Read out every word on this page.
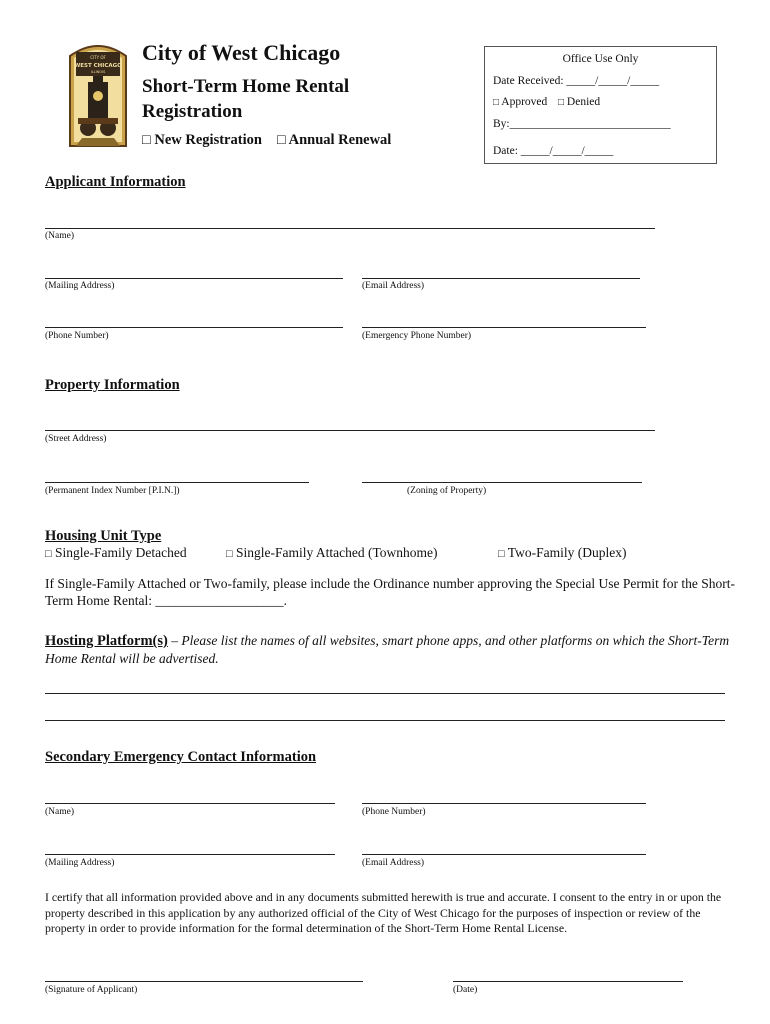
CITY OF
WEST CHICAGO
ILLINOIS
City of West Chicago
Short-Term Home Rental Registration
□ New Registration □ Annual Renewal
Office Use Only
Date Received: _____/_____/_____
□ Approved □ Denied
By:____________________________
Date: _____/_____/_____
Applicant Information
(Name)
(Mailing Address)	(Email Address)
(Phone Number)	(Emergency Phone Number)
Property Information
(Street Address)
(Permanent Index Number [P.I.N.])	(Zoning of Property)
Housing Unit Type
□ Single-Family Detached	□ Single-Family Attached (Townhome)	□ Two-Family (Duplex)
If Single-Family Attached or Two-family, please include the Ordinance number approving the Special Use Permit for the Short-Term Home Rental: ___________________.
Hosting Platform(s) – Please list the names of all websites, smart phone apps, and other platforms on which the Short-Term Home Rental will be advertised.
Secondary Emergency Contact Information
(Name)	(Phone Number)
(Mailing Address)	(Email Address)
I certify that all information provided above and in any documents submitted herewith is true and accurate. I consent to the entry in or upon the property described in this application by any authorized official of the City of West Chicago for the purposes of inspection or review of the property in order to provide information for the formal determination of the Short-Term Home Rental License.
(Signature of Applicant)	(Date)
